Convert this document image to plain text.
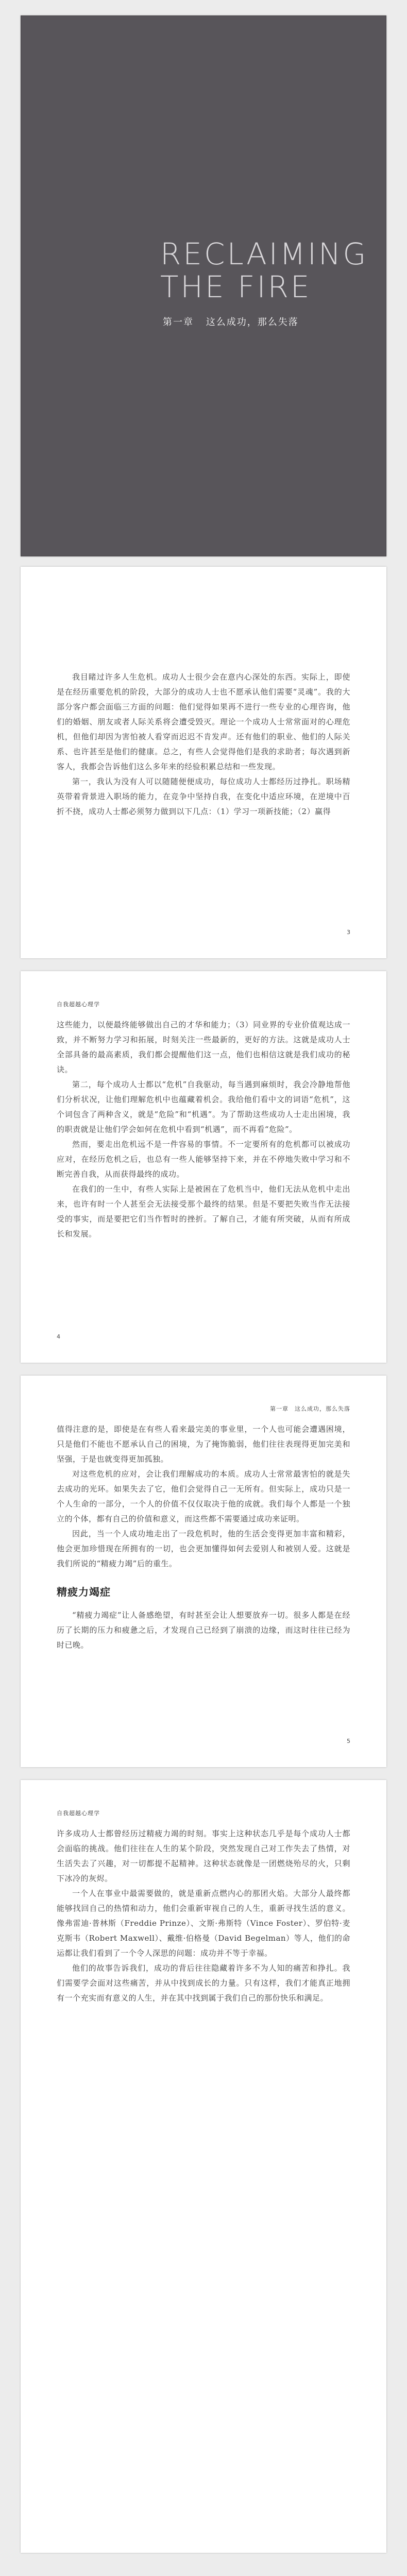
RECLAIMING
THE FIRE
第一章 这么成功，那么失落

我目睹过许多人生危机。成功人士很少会在意内心深处的东西。实际上，即使是在经历重要危机的阶段，大部分的成功人士也不愿承认他们需要“灵魂”。我的大部分客户都会面临三方面的问题：他们觉得如果再不进行一些专业的心理咨询，他们的婚姻、朋友或者人际关系将会遭受毁灭。理论一个成功人士常常面对的心理危机，但他们却因为害怕被人看穿而迟迟不肯发声。还有他们的职业、他们的人际关系、也许甚至是他们的健康。总之，有些人会觉得他们是我的求助者；每次遇到新客人，我都会告诉他们这么多年来的经验积累总结和一些发现。

第一，我认为没有人可以随随便便成功，每位成功人士都经历过挣扎。职场精英带着背景进入职场的能力，在竞争中坚持自我，在变化中适应环境，在逆境中百折不挠，成功人士都必须努力做到以下几点：（1）学习一项新技能；（2）赢得

3
自我超越心理学

这些能力，以便最终能够做出自己的才华和能力；（3）同业界的专业价值观达成一致，并不断努力学习和拓展，时刻关注一些最新的，更好的方法。这就是成功人士全部具备的最高素质，我们都会提醒他们这一点，他们也相信这就是我们成功的秘诀。

第二，每个成功人士都以“危机”自我驱动，每当遇到麻烦时，我会冷静地帮他们分析状况，让他们理解危机中也蕴藏着机会。我给他们看中文的词语“危机”，这个词包含了两种含义，就是“危险”和“机遇”。为了帮助这些成功人士走出困境，我的职责就是让他们学会如何在危机中看到“机遇”，而不再看“危险”。

然而，要走出危机远不是一件容易的事情。不一定要所有的危机都可以被成功应对，在经历危机之后，也总有一些人能够坚持下来，并在不停地失败中学习和不断完善自我，从而获得最终的成功。

在我们的一生中，有些人实际上是被困在了危机当中，他们无法从危机中走出来，也许有时一个人甚至会无法接受那个最终的结果。但是不要把失败当作无法接受的事实，而是要把它们当作暂时的挫折。了解自己，才能有所突破，从而有所成长和发展。

4
第一章　这么成功，那么失落

值得注意的是，即使是在有些人看来最完美的事业里，一个人也可能会遭遇困境，只是他们不能也不愿承认自己的困境，为了掩饰脆弱，他们往往表现得更加完美和坚强，于是也就变得更加孤独。

对这些危机的应对，会让我们理解成功的本质。成功人士常常最害怕的就是失去成功的光环。如果失去了它，他们会觉得自己一无所有。但实际上，成功只是一个人生命的一部分，一个人的价值不仅仅取决于他的成就。我们每个人都是一个独立的个体，都有自己的价值和意义，而这些都不需要通过成功来证明。

因此，当一个人成功地走出了一段危机时，他的生活会变得更加丰富和精彩，他会更加珍惜现在所拥有的一切，也会更加懂得如何去爱别人和被别人爱。这就是我们所说的“精疲力竭”后的重生。

精疲力竭症

“精疲力竭症”让人备感绝望，有时甚至会让人想要放弃一切。很多人都是在经历了长期的压力和疲惫之后，才发现自己已经到了崩溃的边缘，而这时往往已经为时已晚。

5
自我超越心理学

许多成功人士都曾经历过精疲力竭的时刻。事实上这种状态几乎是每个成功人士都会面临的挑战。他们往往在人生的某个阶段，突然发现自己对工作失去了热情，对生活失去了兴趣，对一切都提不起精神。这种状态就像是一团燃烧殆尽的火，只剩下冰冷的灰烬。

一个人在事业中最需要做的，就是重新点燃内心的那团火焰。大部分人最终都能够找回自己的热情和动力，他们会重新审视自己的人生，重新寻找生活的意义。像弗雷迪·普林斯（Freddie Prinze）、文斯·弗斯特（Vince Foster）、罗伯特·麦克斯韦（Robert Maxwell）、戴维·伯格曼（David Begelman）等人，他们的命运都让我们看到了一个令人深思的问题：成功并不等于幸福。

他们的故事告诉我们，成功的背后往往隐藏着许多不为人知的痛苦和挣扎。我们需要学会面对这些痛苦，并从中找到成长的力量。只有这样，我们才能真正地拥有一个充实而有意义的人生，并在其中找到属于我们自己的那份快乐和满足。
